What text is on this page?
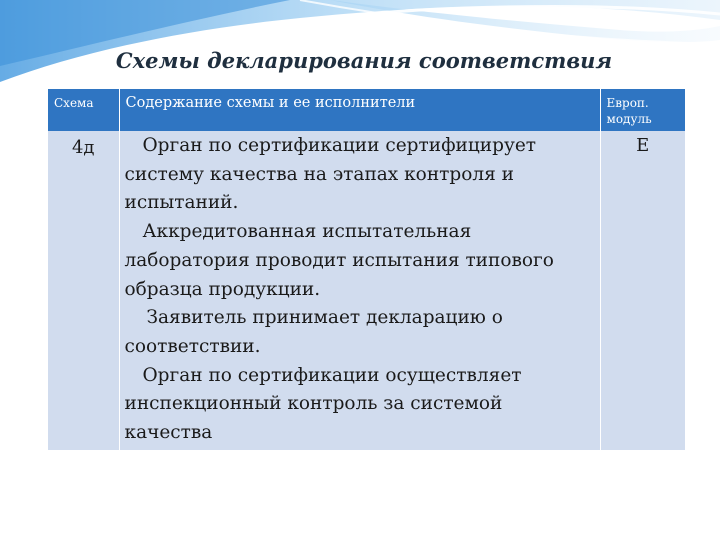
Схемы декларирования соответствия
Схема	Содержание схемы и ее исполнители	Европ. модуль
4д	Орган по сертификации сертифицирует систему качества на этапах контроля и испытаний.

Аккредитованная испытательная лаборатория проводит испытания типового образца продукции.

Заявитель принимает декларацию о соответствии.

Орган по сертификации осуществляет инспекционный контроль за системой качества	E
